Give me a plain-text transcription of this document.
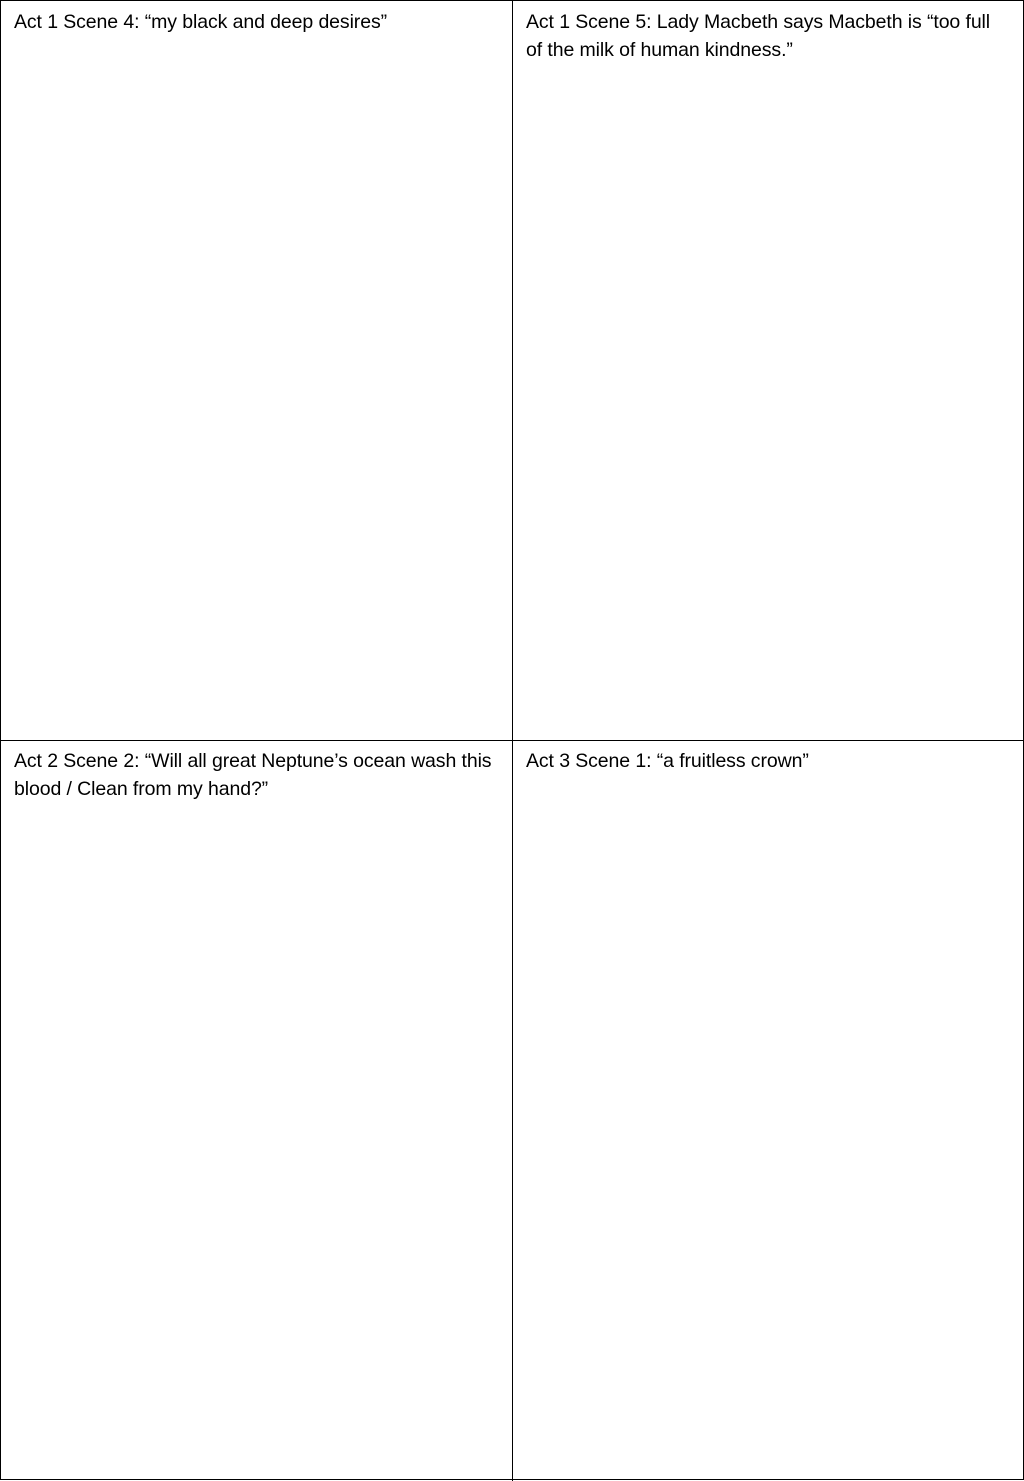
Act 1 Scene 4: “my black and deep desires”	Act 1 Scene 5: Lady Macbeth says Macbeth is “too full of the milk of human kindness.”
Act 2 Scene 2: “Will all great Neptune’s ocean wash this blood / Clean from my hand?”
Act 3 Scene 1: “a fruitless crown”
